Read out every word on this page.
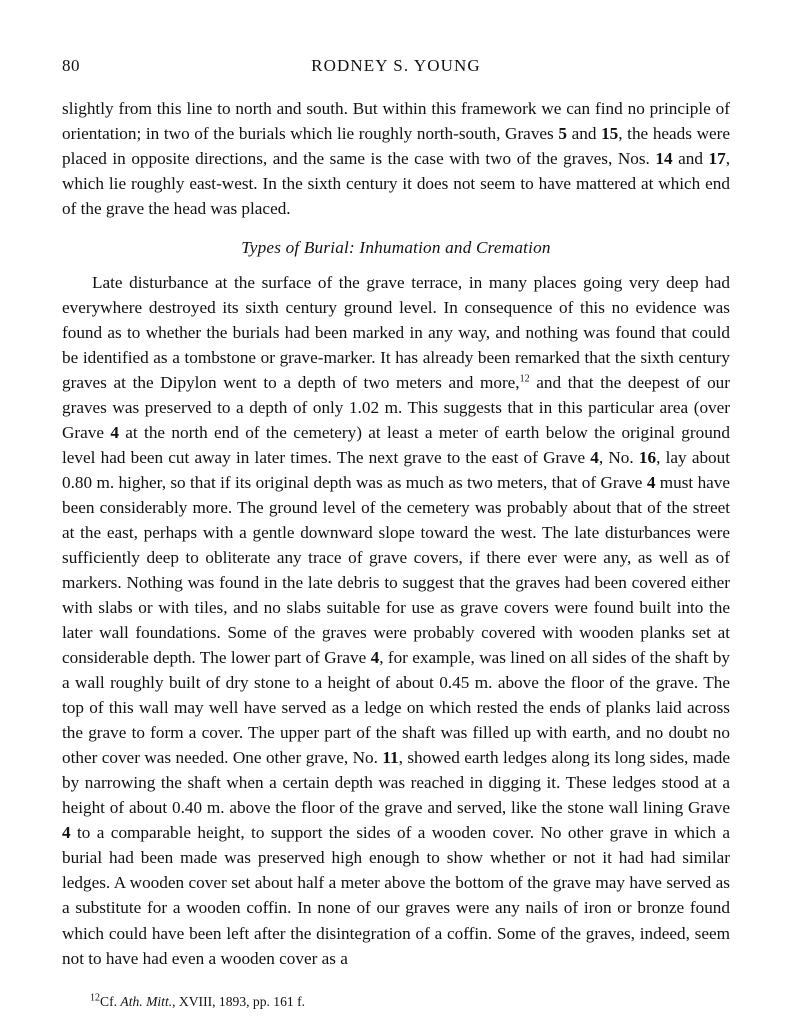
80	RODNEY S. YOUNG

slightly from this line to north and south. But within this framework we can find no principle of orientation; in two of the burials which lie roughly north-south, Graves 5 and 15, the heads were placed in opposite directions, and the same is the case with two of the graves, Nos. 14 and 17, which lie roughly east-west. In the sixth century it does not seem to have mattered at which end of the grave the head was placed.

Types of Burial: Inhumation and Cremation

Late disturbance at the surface of the grave terrace, in many places going very deep had everywhere destroyed its sixth century ground level. In consequence of this no evidence was found as to whether the burials had been marked in any way, and nothing was found that could be identified as a tombstone or grave-marker. It has already been remarked that the sixth century graves at the Dipylon went to a depth of two meters and more,$^{12}$ and that the deepest of our graves was preserved to a depth of only 1.02 m. This suggests that in this particular area (over Grave 4 at the north end of the cemetery) at least a meter of earth below the original ground level had been cut away in later times. The next grave to the east of Grave 4, No. 16, lay about 0.80 m. higher, so that if its original depth was as much as two meters, that of Grave 4 must have been considerably more. The ground level of the cemetery was probably about that of the street at the east, perhaps with a gentle downward slope toward the west. The late disturbances were sufficiently deep to obliterate any trace of grave covers, if there ever were any, as well as of markers. Nothing was found in the late debris to suggest that the graves had been covered either with slabs or with tiles, and no slabs suitable for use as grave covers were found built into the later wall foundations. Some of the graves were probably covered with wooden planks set at considerable depth. The lower part of Grave 4, for example, was lined on all sides of the shaft by a wall roughly built of dry stone to a height of about 0.45 m. above the floor of the grave. The top of this wall may well have served as a ledge on which rested the ends of planks laid across the grave to form a cover. The upper part of the shaft was filled up with earth, and no doubt no other cover was needed. One other grave, No. 11, showed earth ledges along its long sides, made by narrowing the shaft when a certain depth was reached in digging it. These ledges stood at a height of about 0.40 m. above the floor of the grave and served, like the stone wall lining Grave 4 to a comparable height, to support the sides of a wooden cover. No other grave in which a burial had been made was preserved high enough to show whether or not it had had similar ledges. A wooden cover set about half a meter above the bottom of the grave may have served as a substitute for a wooden coffin. In none of our graves were any nails of iron or bronze found which could have been left after the disintegration of a coffin. Some of the graves, indeed, seem not to have had even a wooden cover as a

$^{12}$Cf. Ath. Mitt., XVIII, 1893, pp. 161 f.
